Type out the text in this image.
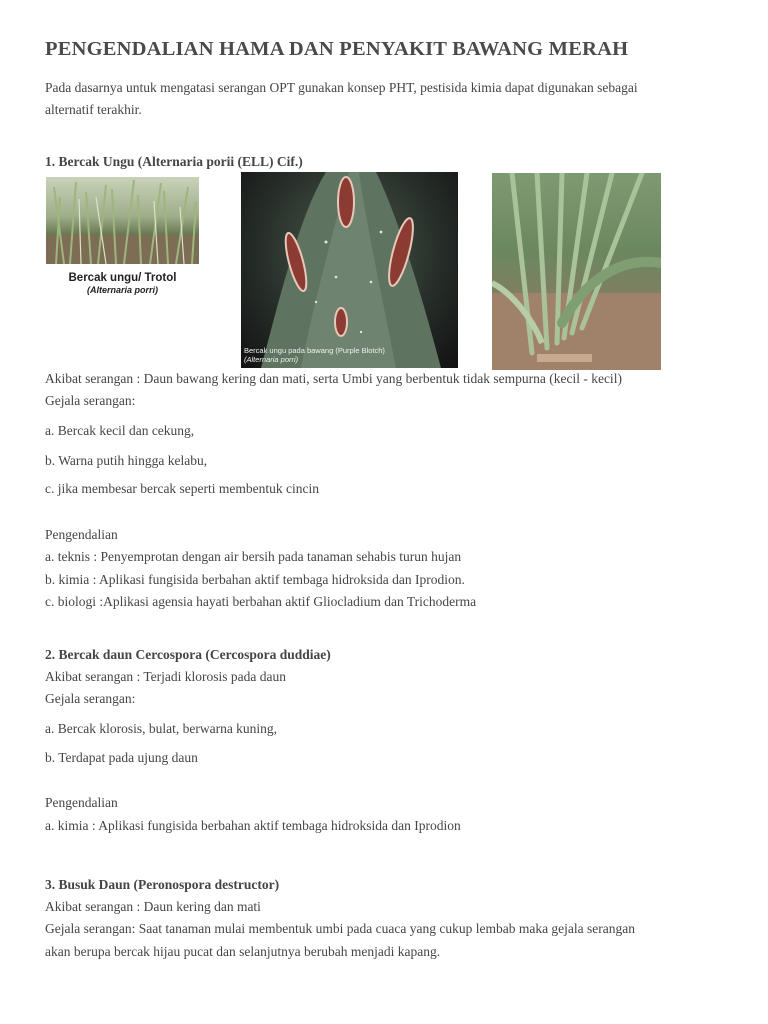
PENGENDALIAN HAMA DAN PENYAKIT BAWANG MERAH
Pada dasarnya untuk mengatasi serangan OPT gunakan konsep PHT, pestisida kimia dapat digunakan sebagai
alternatif terakhir.
1. Bercak Ungu (Alternaria porii (ELL) Cif.)
Bercak ungu/ Trotol
(Alternaria porri)
Bercak ungu pada bawang (Purple Blotch)
(Alternaria porri)
Akibat serangan : Daun bawang kering dan mati, serta Umbi yang berbentuk tidak sempurna (kecil - kecil)
Gejala serangan:
a. Bercak kecil dan cekung,
b. Warna putih hingga kelabu,
c. jika membesar bercak seperti membentuk cincin
Pengendalian
a. teknis : Penyemprotan dengan air bersih pada tanaman sehabis turun hujan
b. kimia : Aplikasi fungisida berbahan aktif tembaga hidroksida dan Iprodion.
c. biologi :Aplikasi agensia hayati berbahan aktif Gliocladium dan Trichoderma
2. Bercak daun Cercospora (Cercospora duddiae)
Akibat serangan : Terjadi klorosis pada daun
Gejala serangan:
a. Bercak klorosis, bulat, berwarna kuning,
b. Terdapat pada ujung daun
Pengendalian
a. kimia : Aplikasi fungisida berbahan aktif tembaga hidroksida dan Iprodion
3. Busuk Daun (Peronospora destructor)
Akibat serangan : Daun kering dan mati
Gejala serangan: Saat tanaman mulai membentuk umbi pada cuaca yang cukup lembab maka gejala serangan
akan berupa bercak hijau pucat dan selanjutnya berubah menjadi kapang.
